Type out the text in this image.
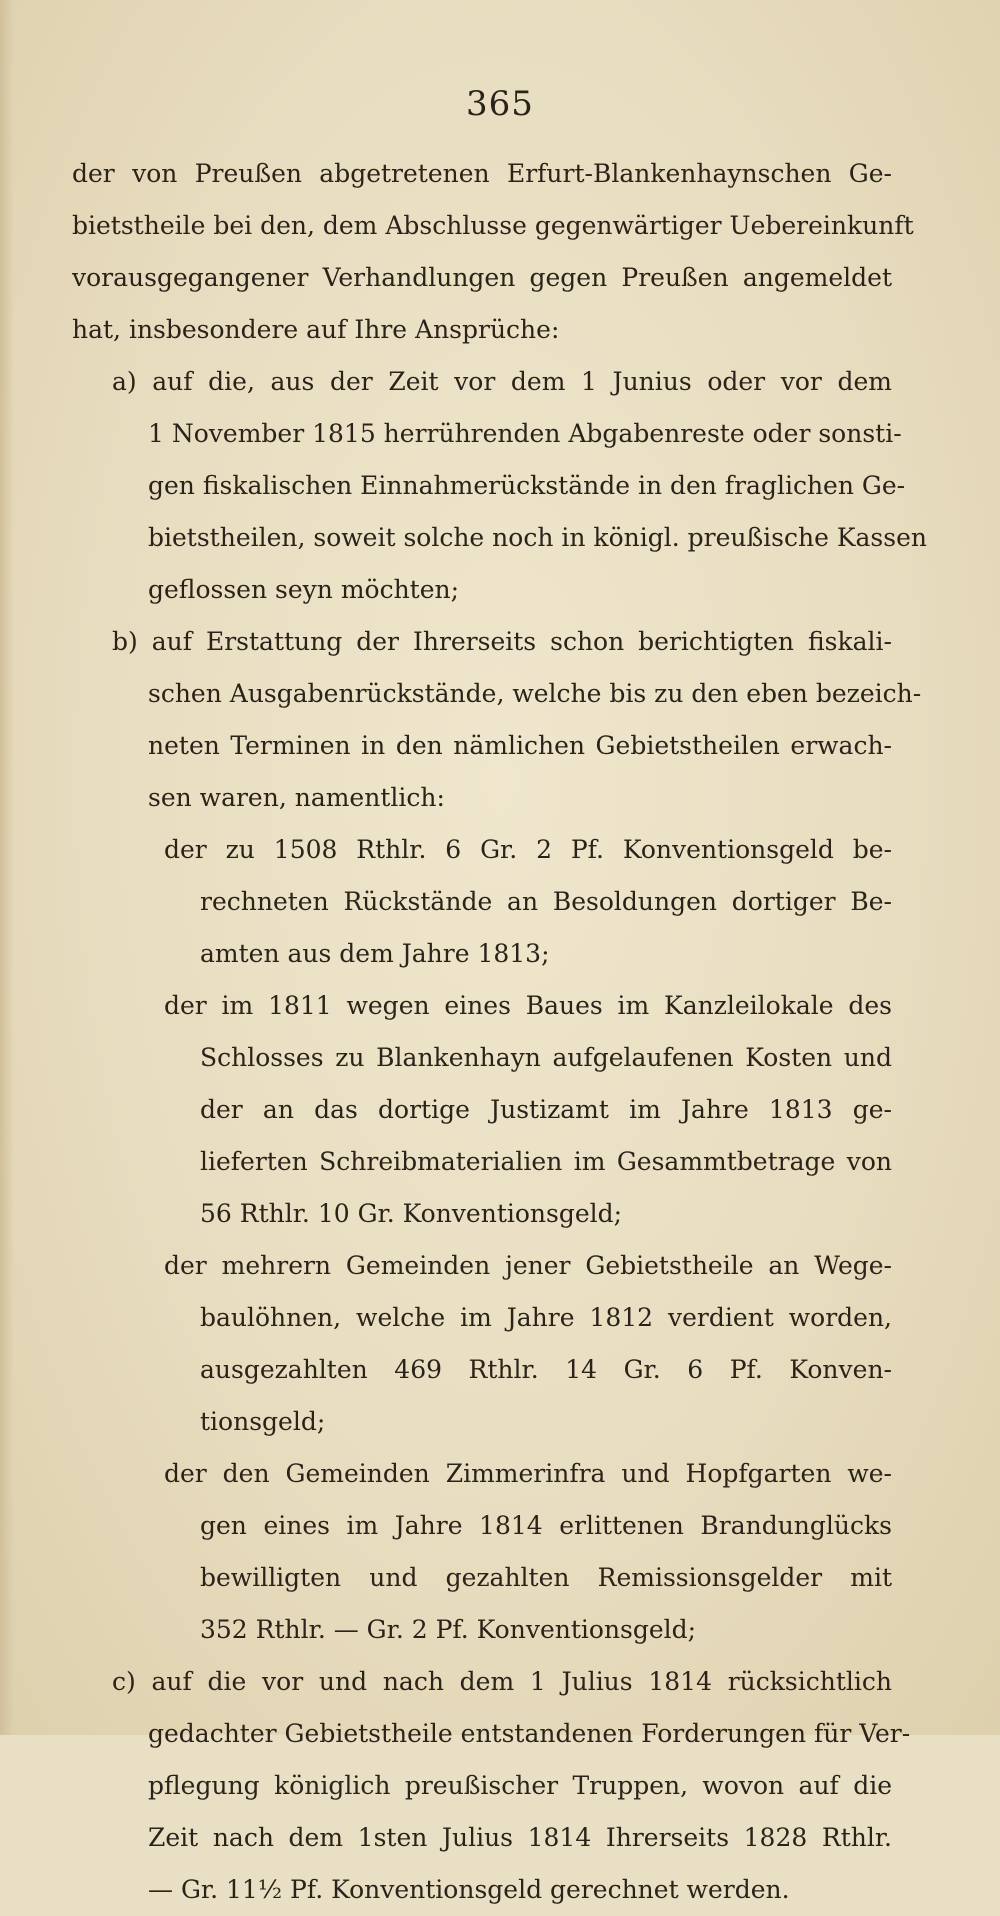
365
der von Preußen abgetretenen Erfurt-Blankenhaynschen Ge-
bietstheile bei den, dem Abschlusse gegenwärtiger Uebereinkunft
vorausgegangener Verhandlungen gegen Preußen angemeldet
hat, insbesondere auf Ihre Ansprüche:
a) auf die, aus der Zeit vor dem 1 Junius oder vor dem
1 November 1815 herrührenden Abgabenreste oder sonsti-
gen fiskalischen Einnahmerückstände in den fraglichen Ge-
bietstheilen, soweit solche noch in königl. preußische Kassen
geflossen seyn möchten;
b) auf Erstattung der Ihrerseits schon berichtigten fiskali-
schen Ausgabenrückstände, welche bis zu den eben bezeich-
neten Terminen in den nämlichen Gebietstheilen erwach-
sen waren, namentlich:
der zu 1508 Rthlr. 6 Gr. 2 Pf. Konventionsgeld be-
rechneten Rückstände an Besoldungen dortiger Be-
amten aus dem Jahre 1813;
der im 1811 wegen eines Baues im Kanzleilokale des
Schlosses zu Blankenhayn aufgelaufenen Kosten und
der an das dortige Justizamt im Jahre 1813 ge-
lieferten Schreibmaterialien im Gesammtbetrage von
56 Rthlr. 10 Gr. Konventionsgeld;
der mehrern Gemeinden jener Gebietstheile an Wege-
baulöhnen, welche im Jahre 1812 verdient worden,
ausgezahlten 469 Rthlr. 14 Gr. 6 Pf. Konven-
tionsgeld;
der den Gemeinden Zimmerinfra und Hopfgarten we-
gen eines im Jahre 1814 erlittenen Brandunglücks
bewilligten und gezahlten Remissionsgelder mit
352 Rthlr. — Gr. 2 Pf. Konventionsgeld;
c) auf die vor und nach dem 1 Julius 1814 rücksichtlich
gedachter Gebietstheile entstandenen Forderungen für Ver-
pflegung königlich preußischer Truppen, wovon auf die
Zeit nach dem 1sten Julius 1814 Ihrerseits 1828 Rthlr.
— Gr. 11½ Pf. Konventionsgeld gerechnet werden.
